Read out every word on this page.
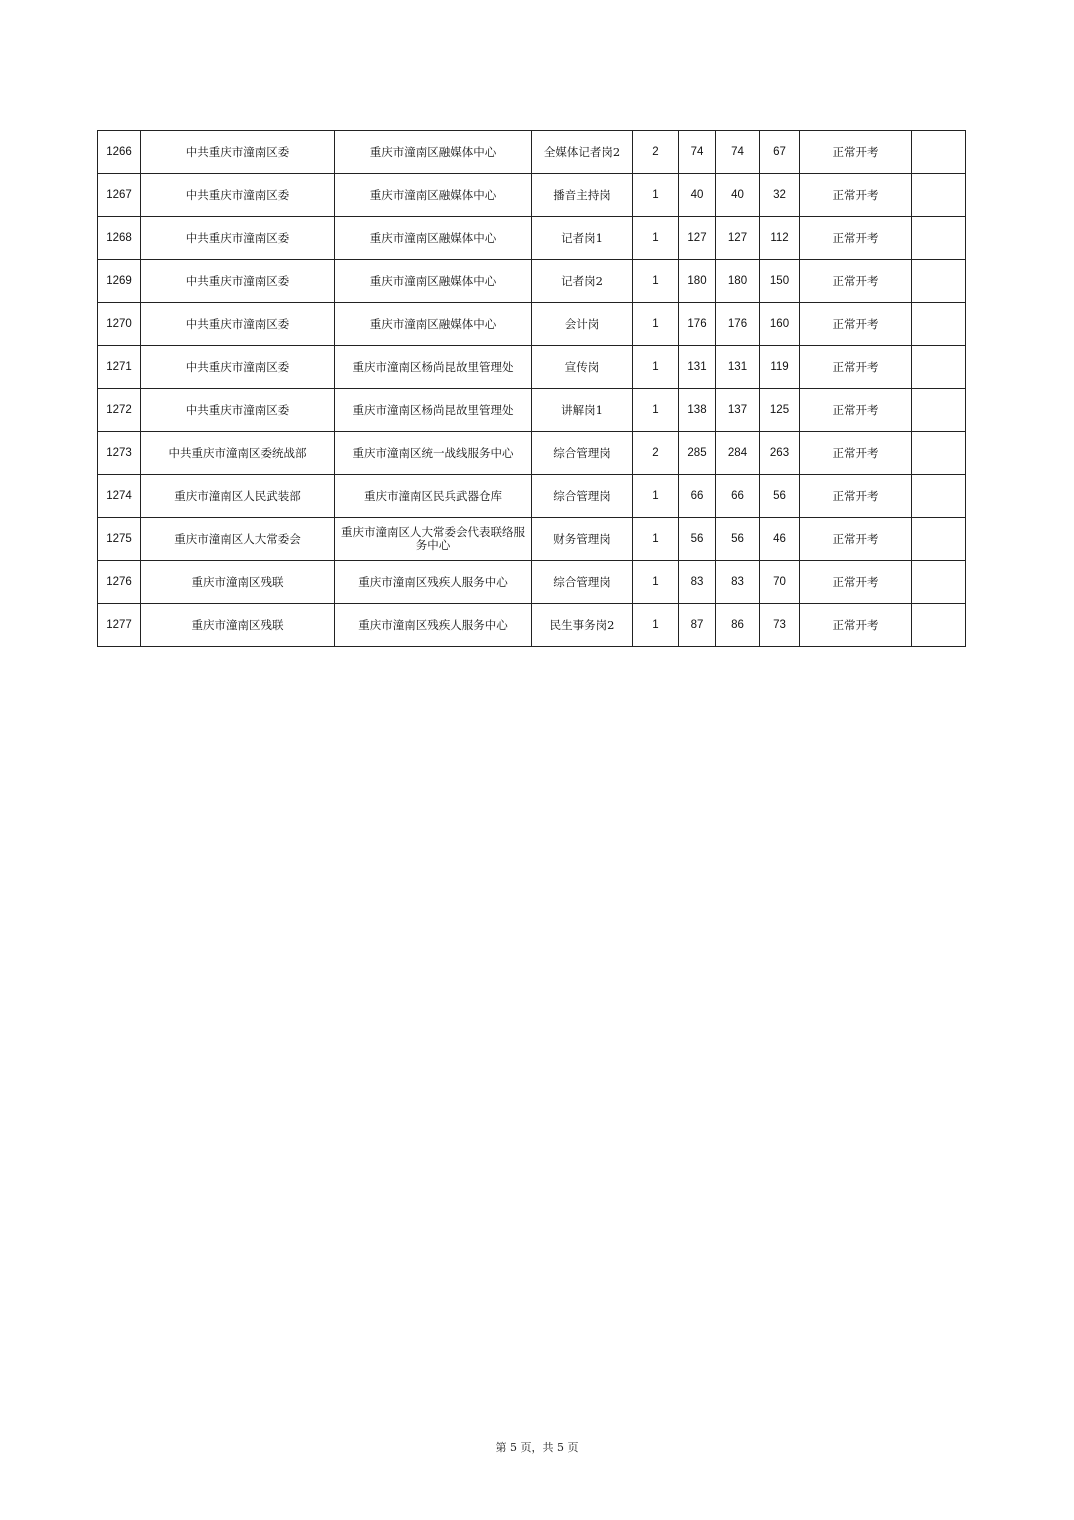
1266	中共重庆市潼南区委	重庆市潼南区融媒体中心	全媒体记者岗2	2	74	74	67	正常开考	
1267	中共重庆市潼南区委	重庆市潼南区融媒体中心	播音主持岗	1	40	40	32	正常开考	
1268	中共重庆市潼南区委	重庆市潼南区融媒体中心	记者岗1	1	127	127	112	正常开考	
1269	中共重庆市潼南区委	重庆市潼南区融媒体中心	记者岗2	1	180	180	150	正常开考	
1270	中共重庆市潼南区委	重庆市潼南区融媒体中心	会计岗	1	176	176	160	正常开考	
1271	中共重庆市潼南区委	重庆市潼南区杨尚昆故里管理处	宣传岗	1	131	131	119	正常开考	
1272	中共重庆市潼南区委	重庆市潼南区杨尚昆故里管理处	讲解岗1	1	138	137	125	正常开考	
1273	中共重庆市潼南区委统战部	重庆市潼南区统一战线服务中心	综合管理岗	2	285	284	263	正常开考	
1274	重庆市潼南区人民武装部	重庆市潼南区民兵武器仓库	综合管理岗	1	66	66	56	正常开考	
1275	重庆市潼南区人大常委会	重庆市潼南区人大常委会代表联络服务中心	财务管理岗	1	56	56	46	正常开考	
1276	重庆市潼南区残联	重庆市潼南区残疾人服务中心	综合管理岗	1	83	83	70	正常开考	
1277	重庆市潼南区残联	重庆市潼南区残疾人服务中心	民生事务岗2	1	87	86	73	正常开考	
第 5 页，共 5 页
